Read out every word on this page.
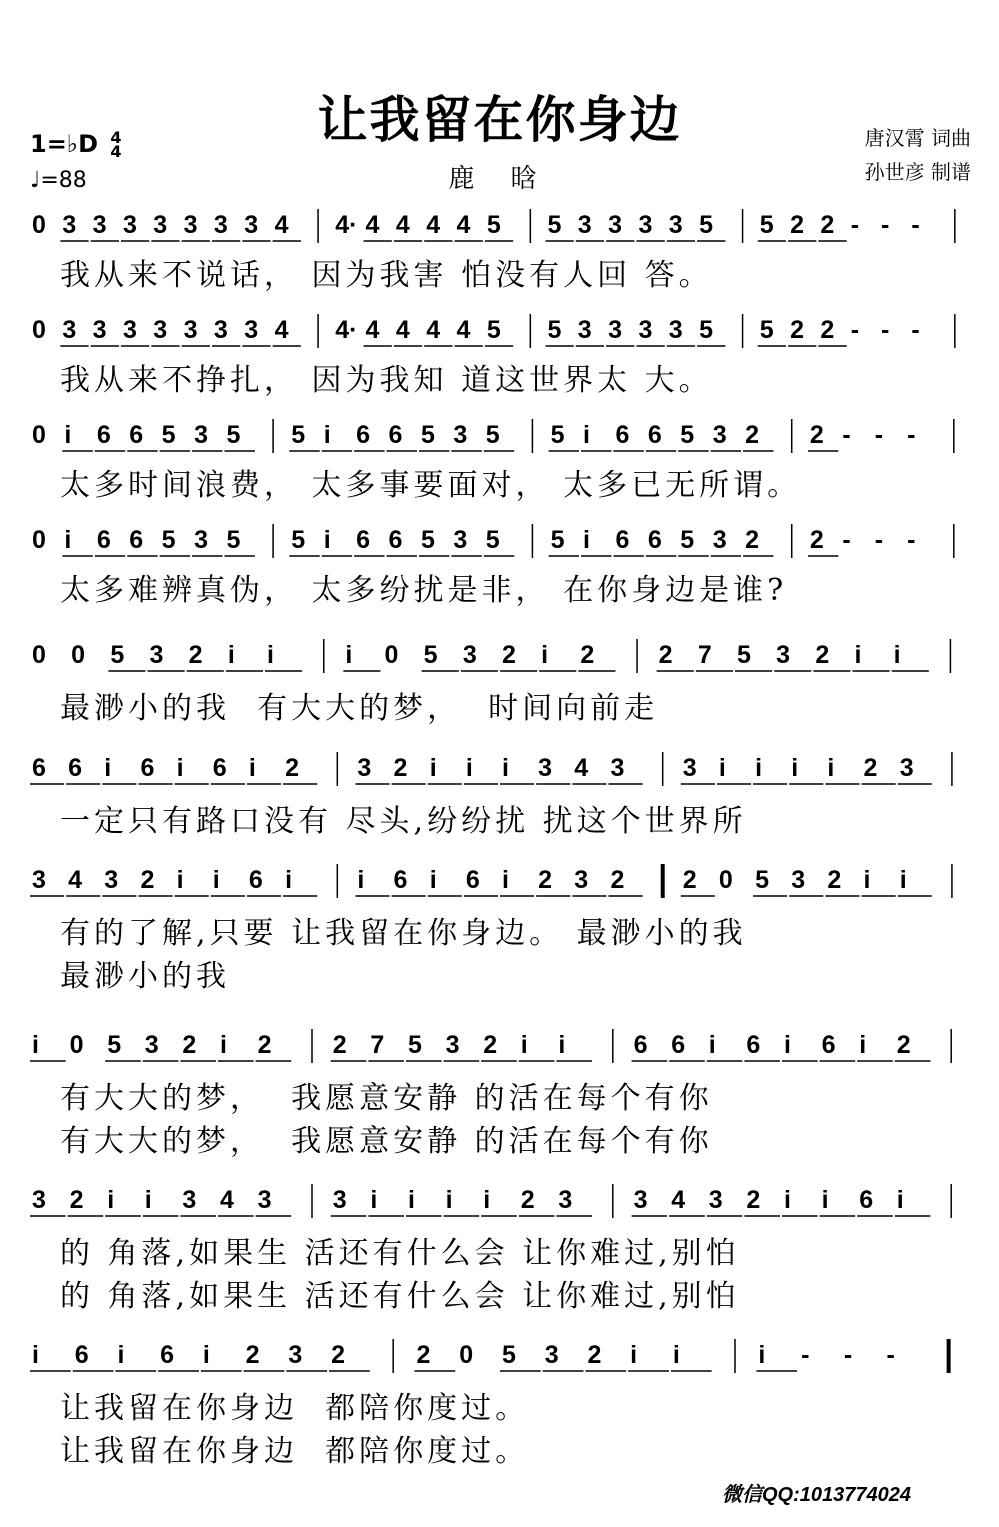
让我留在你身边
鹿 晗
唐汉霄 词曲
孙世彦 制谱
1=♭D 4
4
♩=88
0 3 3 3 3 3 3 3 4 4· 4 4 4 4 5 5 3 3 3 3 5 5 2 2 - - -
我从来不说话， 因为我害 怕没有人回 答。
0 3 3 3 3 3 3 3 4 4· 4 4 4 4 5 5 3 3 3 3 5 5 2 2 - - -
我从来不挣扎， 因为我知 道这世界太 大。
0 i 6 6 5 3 5 5 i 6 6 5 3 5 5 i 6 6 5 3 2 2 - - -
太多时间浪费， 太多事要面对， 太多已无所谓。
0 i 6 6 5 3 5 5 i 6 6 5 3 5 5 i 6 6 5 3 2 2 - - -
太多难辨真伪， 太多纷扰是非， 在你身边是谁?
0 0 5 3 2 i i	i 0 5 3 2 i 2	2 7 5 3 2 i i
最渺小的我  有大大的梦，  时间向前走
6 6 i 6 i 6 i 2 3 2 i i i 3 4 3 3 i i i i 2 3
一定只有路口没有 尽头,纷纷扰 扰这个世界所
3 4 3 2 i i 6 i	i 6 i 6 i 2 3 2 2 0 5 3 2 i i
有的了解,只要 让我留在你身边。 最渺小的我
最渺小的我
i 0 5 3 2 i 2 2 7 5 3 2 i i	6 6 i 6 i 6 i 2
有大大的梦，  我愿意安静 的活在每个有你
有大大的梦，  我愿意安静 的活在每个有你
3 2 i i 3 4 3 3 i i i i 2 3 3 4 3 2 i i 6 i
的 角落,如果生 活还有什么会 让你难过,别怕
的 角落,如果生 活还有什么会 让你难过,别怕
i 6 i 6 i 2 3 2	2 0 5 3 2 i i	i - - -
让我留在你身边  都陪你度过。
让我留在你身边  都陪你度过。
微信QQ:1013774024
